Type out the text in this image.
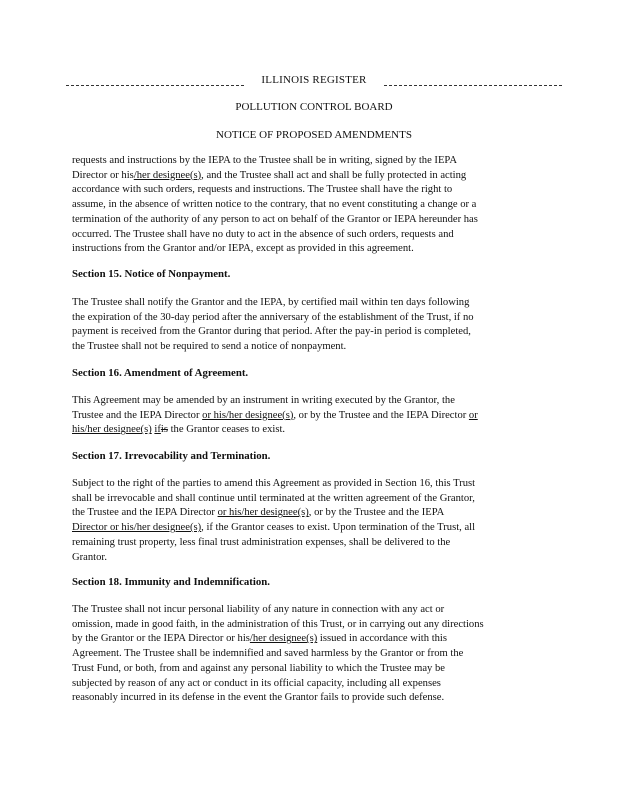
ILLINOIS REGISTER
POLLUTION CONTROL BOARD
NOTICE OF PROPOSED AMENDMENTS

requests and instructions by the IEPA to the Trustee shall be in writing, signed by the IEPA

Director or his/her designee(s), and the Trustee shall act and shall be fully protected in acting

accordance with such orders, requests and instructions. The Trustee shall have the right to

assume, in the absence of written notice to the contrary, that no event constituting a change or a

termination of the authority of any person to act on behalf of the Grantor or IEPA hereunder has

occurred. The Trustee shall have no duty to act in the absence of such orders, requests and

instructions from the Grantor and/or IEPA, except as provided in this agreement.

Section 15. Notice of Nonpayment.

The Trustee shall notify the Grantor and the IEPA, by certified mail within ten days following

the expiration of the 30-day period after the anniversary of the establishment of the Trust, if no

payment is received from the Grantor during that period. After the pay-in period is completed,

the Trustee shall not be required to send a notice of nonpayment.

Section 16. Amendment of Agreement.

This Agreement may be amended by an instrument in writing executed by the Grantor, the

Trustee and the IEPA Director or his/her designee(s), or by the Trustee and the IEPA Director or

his/her designee(s) ifis the Grantor ceases to exist.

Section 17. Irrevocability and Termination.

Subject to the right of the parties to amend this Agreement as provided in Section 16, this Trust

shall be irrevocable and shall continue until terminated at the written agreement of the Grantor,

the Trustee and the IEPA Director or his/her designee(s), or by the Trustee and the IEPA

Director or his/her designee(s), if the Grantor ceases to exist. Upon termination of the Trust, all

remaining trust property, less final trust administration expenses, shall be delivered to the

Grantor.

Section 18. Immunity and Indemnification.

The Trustee shall not incur personal liability of any nature in connection with any act or

omission, made in good faith, in the administration of this Trust, or in carrying out any directions

by the Grantor or the IEPA Director or his/her designee(s) issued in accordance with this

Agreement. The Trustee shall be indemnified and saved harmless by the Grantor or from the

Trust Fund, or both, from and against any personal liability to which the Trustee may be

subjected by reason of any act or conduct in its official capacity, including all expenses

reasonably incurred in its defense in the event the Grantor fails to provide such defense.
